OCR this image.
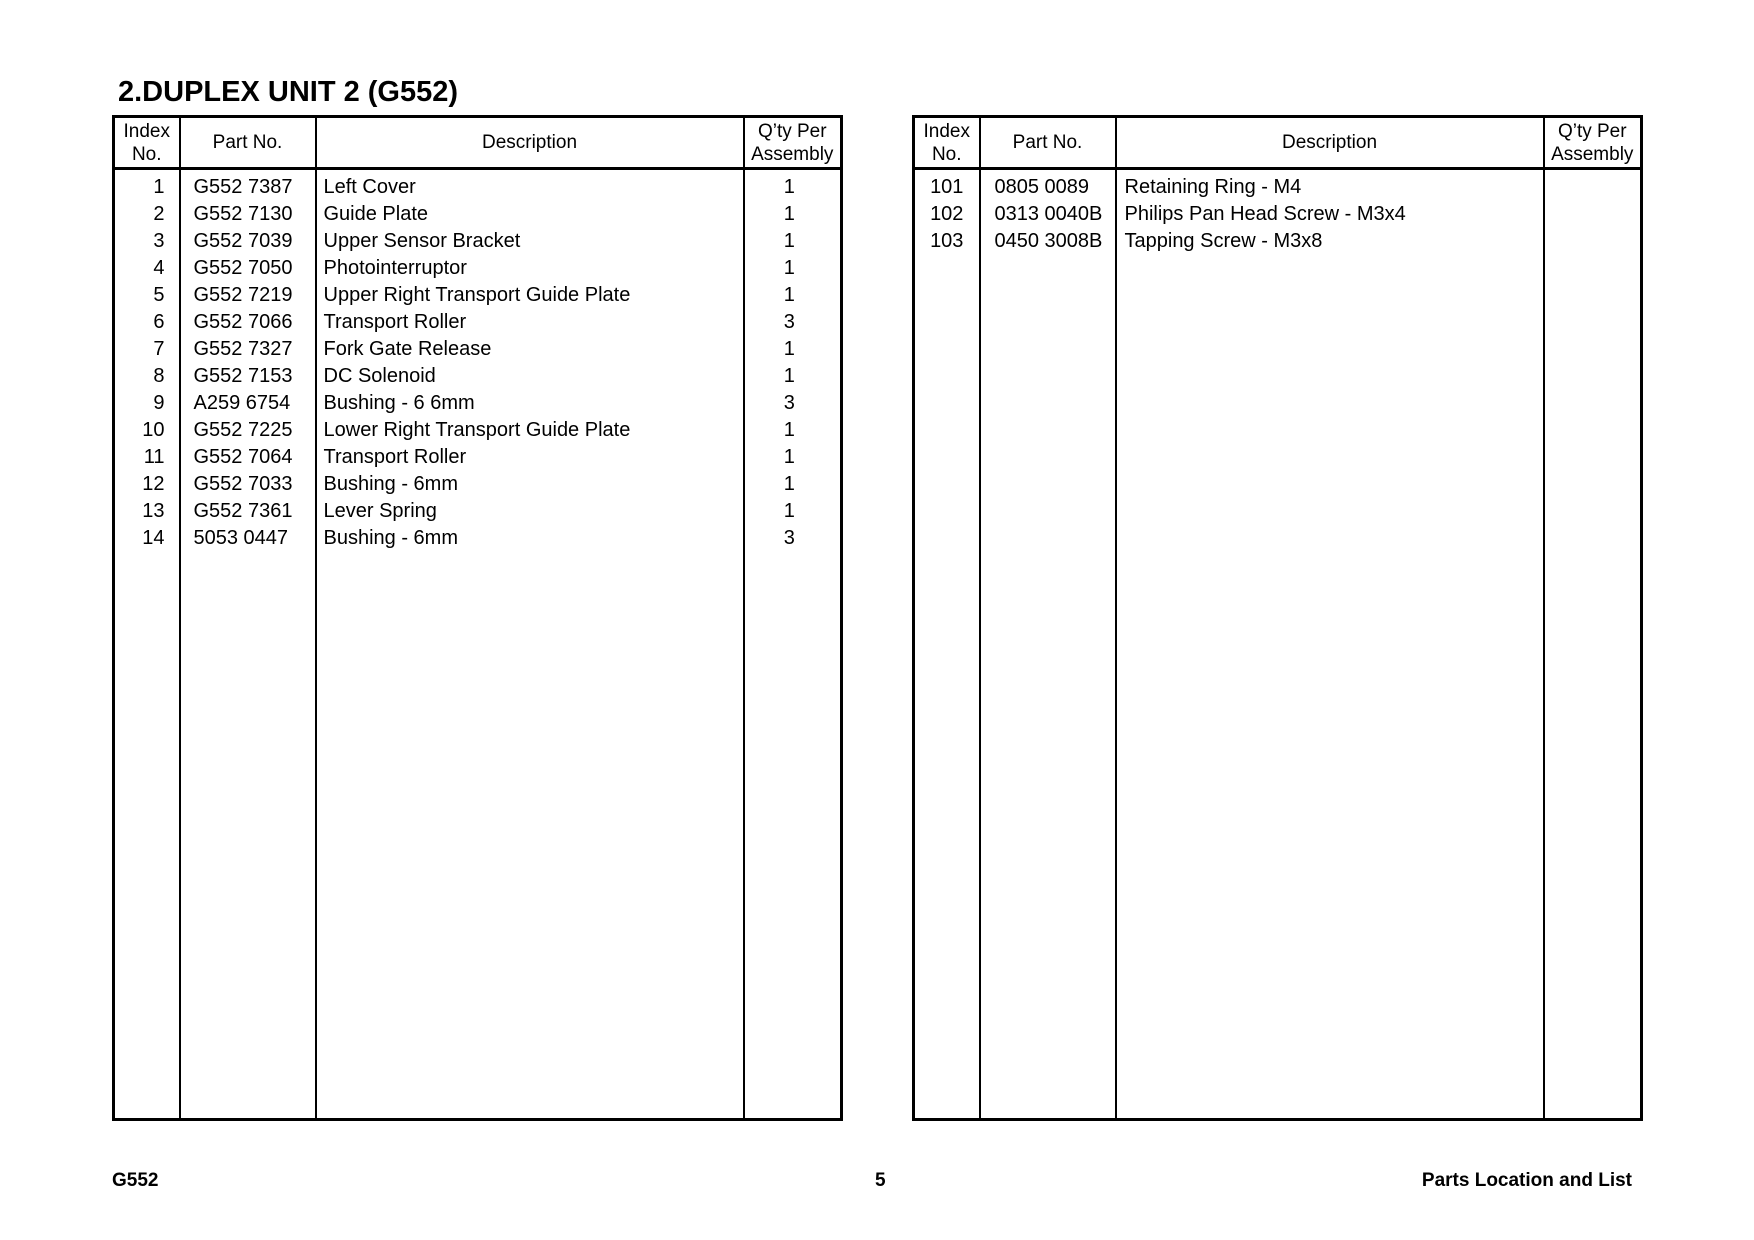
2.DUPLEX UNIT 2 (G552)
Index
No.	Part No.	Description	Q’ty Per
Assembly
1	G552 7387	Left Cover	1
2	G552 7130	Guide Plate	1
3	G552 7039	Upper Sensor Bracket	1
4	G552 7050	Photointerruptor	1
5	G552 7219	Upper Right Transport Guide Plate	1
6	G552 7066	Transport Roller	3
7	G552 7327	Fork Gate Release	1
8	G552 7153	DC Solenoid	1
9	A259 6754	Bushing - 6 6mm	3
10	G552 7225	Lower Right Transport Guide Plate	1
11	G552 7064	Transport Roller	1
12	G552 7033	Bushing - 6mm	1
13	G552 7361	Lever Spring	1
14	5053 0447	Bushing - 6mm	3

Index
No.	Part No.	Description	Q’ty Per
Assembly
101	0805 0089	Retaining Ring - M4	
102	0313 0040B	Philips Pan Head Screw - M3x4	
103	0450 3008B	Tapping Screw - M3x8	

G552	5	Parts Location and List
